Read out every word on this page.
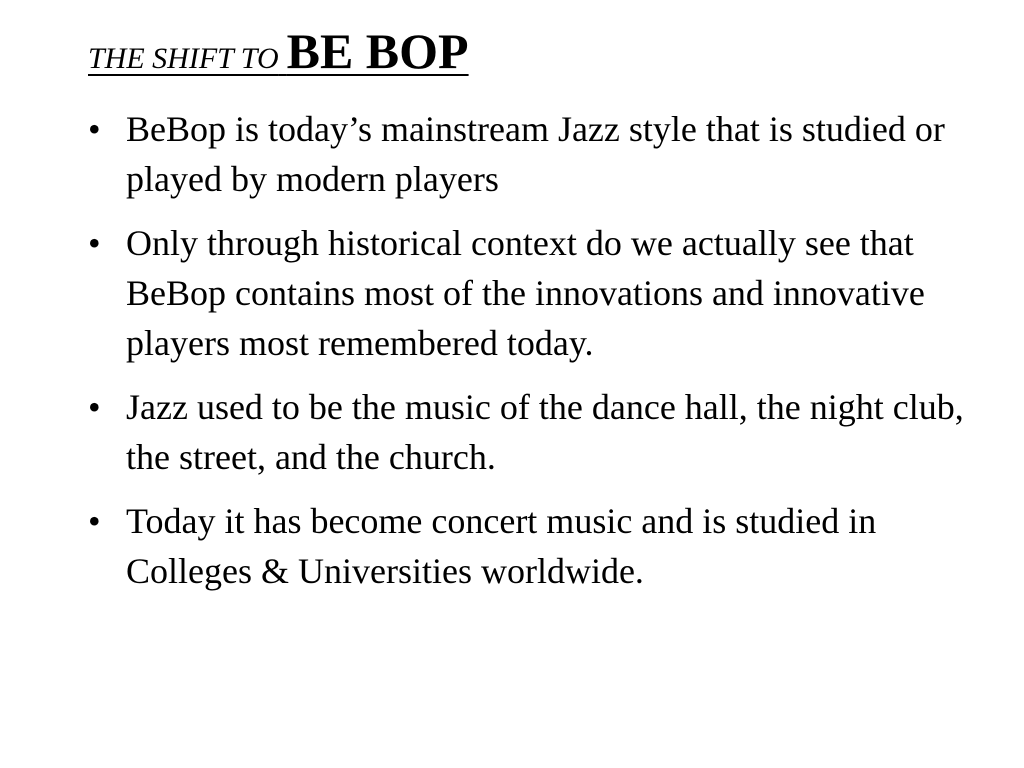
THE SHIFT TO BE BOP
• BeBop is today’s mainstream Jazz style that is studied or played by modern players
• Only through historical context do we actually see that BeBop contains most of the innovations and innovative players most remembered today.
• Jazz used to be the music of the dance hall, the night club, the street, and the church.
• Today it has become concert music and is studied in Colleges & Universities worldwide.
